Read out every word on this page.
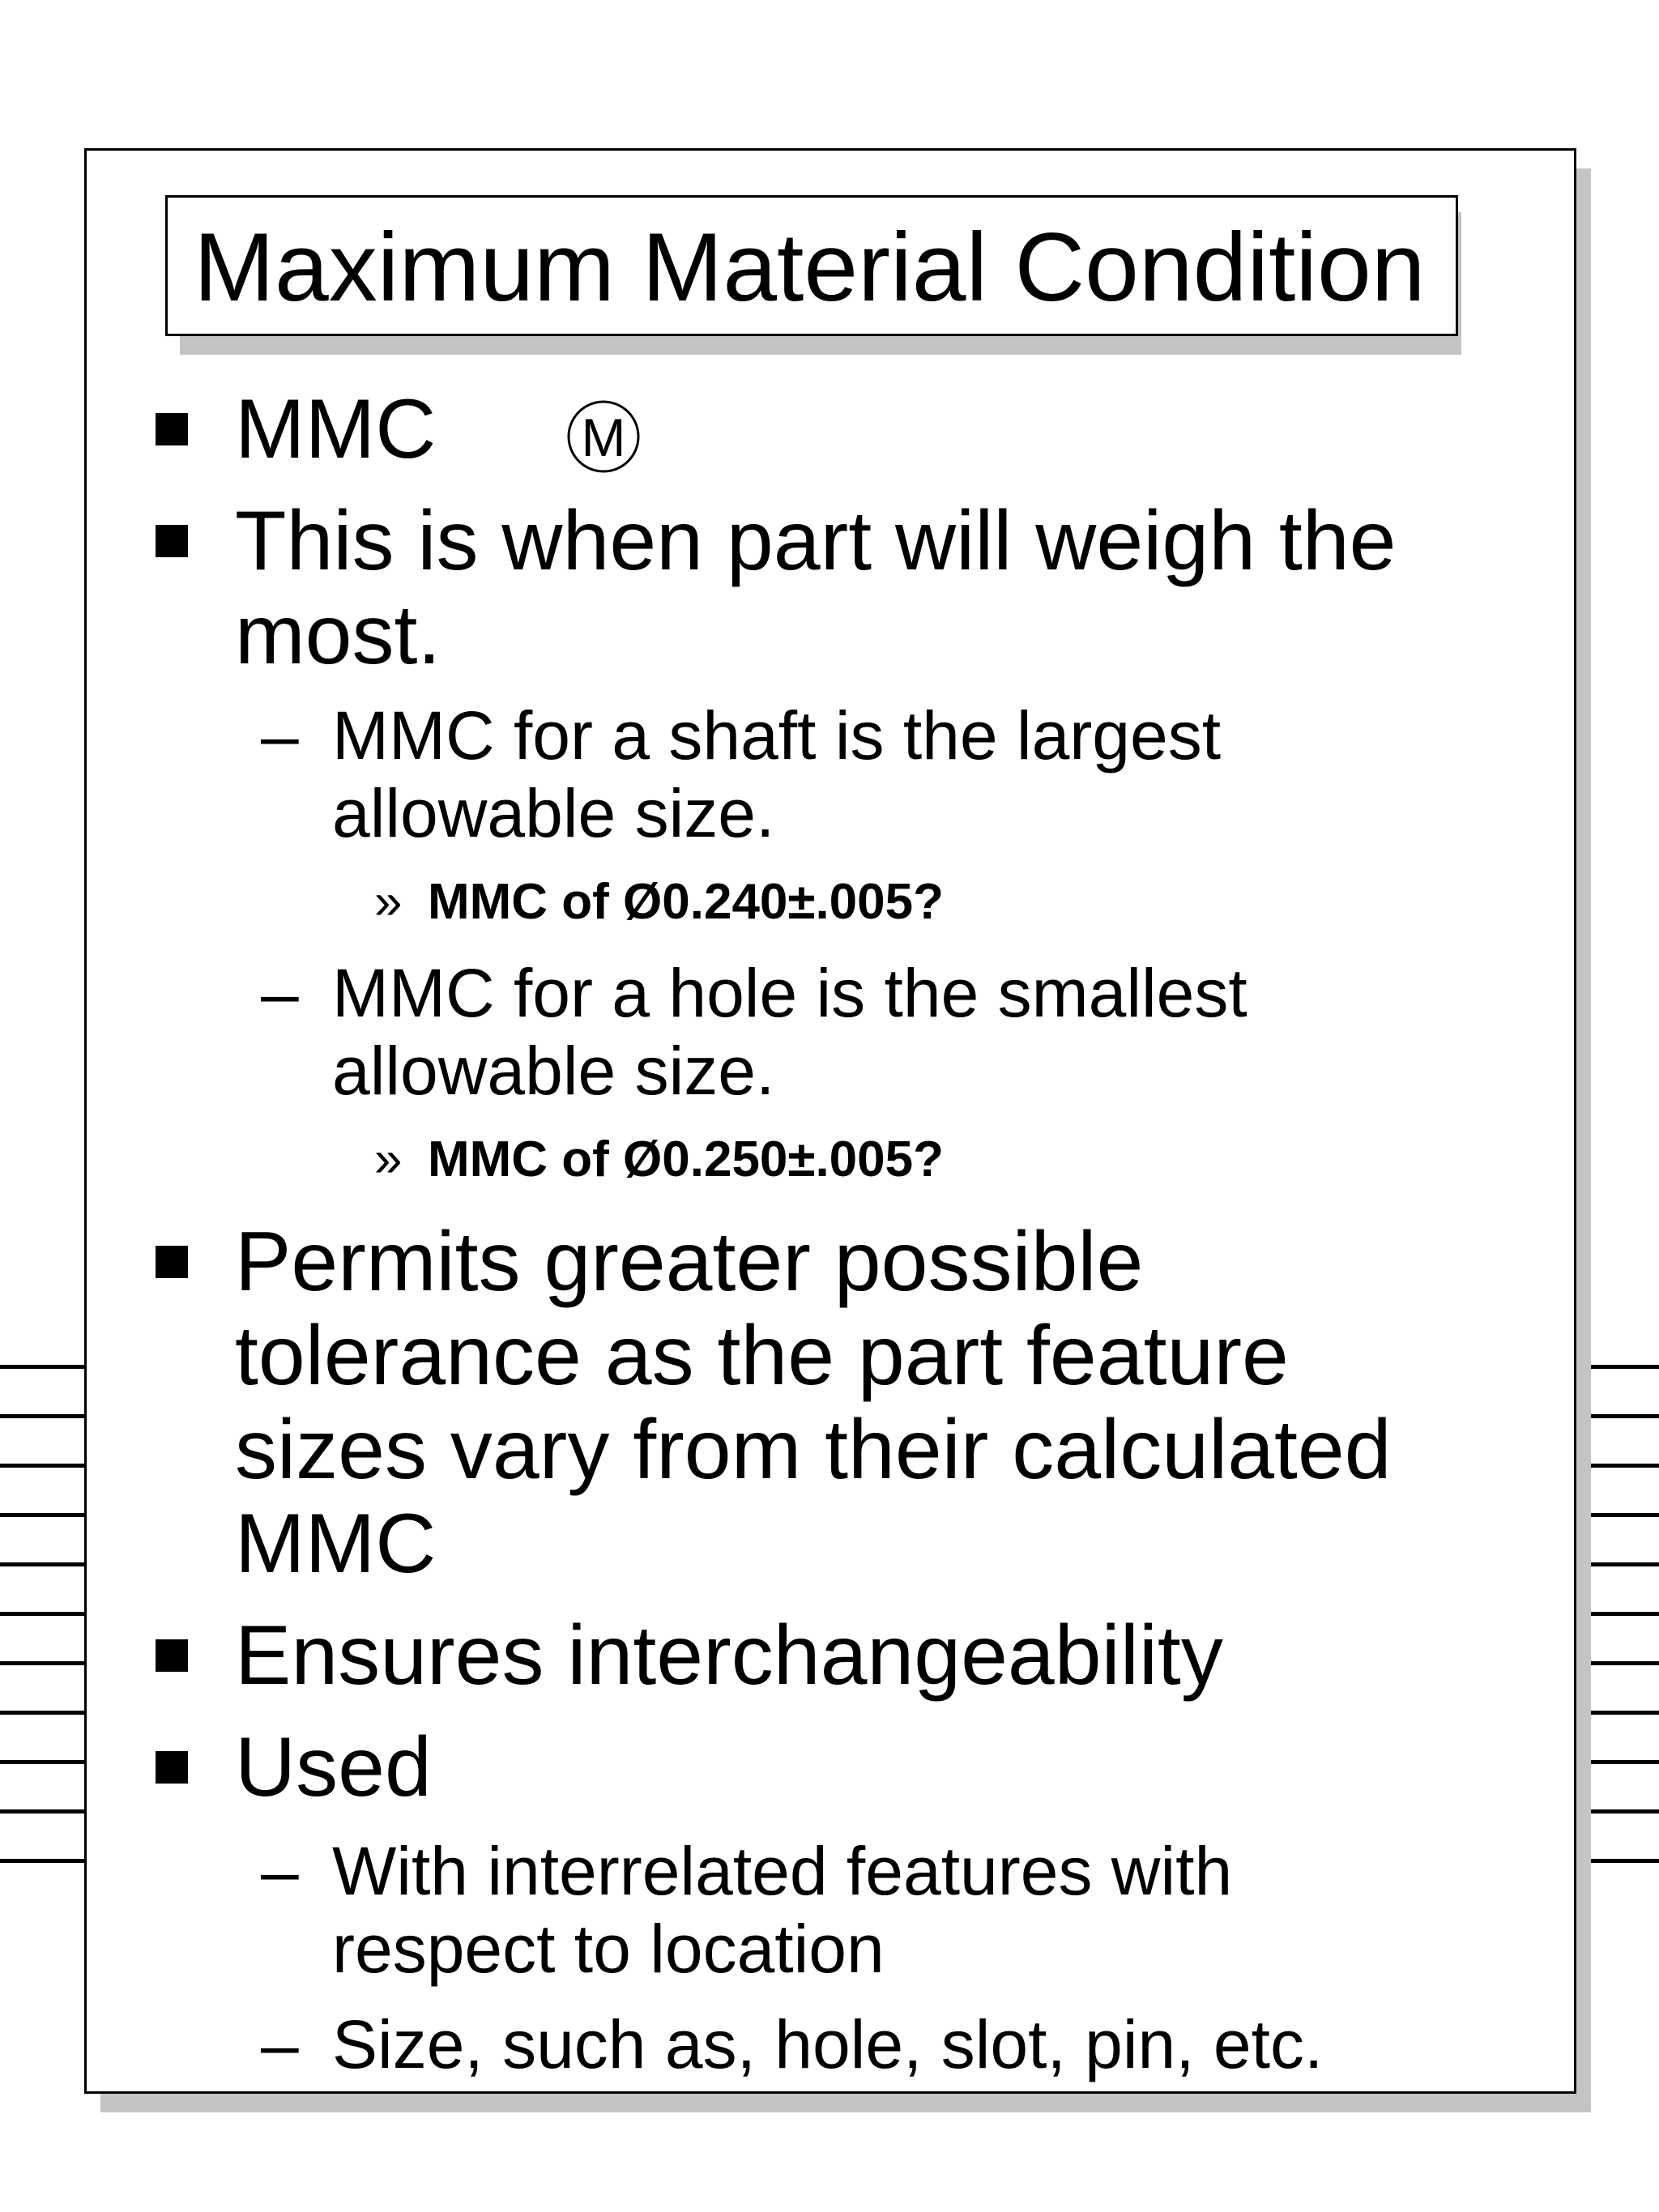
Maximum Material Condition
MMC	M
This is when part will weigh the
most.
– MMC for a shaft is the largest
allowable size.
» MMC of Ø0.240±.005?
– MMC for a hole is the smallest
allowable size.
» MMC of Ø0.250±.005?
Permits greater possible
tolerance as the part feature
sizes vary from their calculated
MMC
Ensures interchangeability
Used
– With interrelated features with
respect to location
– Size, such as, hole, slot, pin, etc.
